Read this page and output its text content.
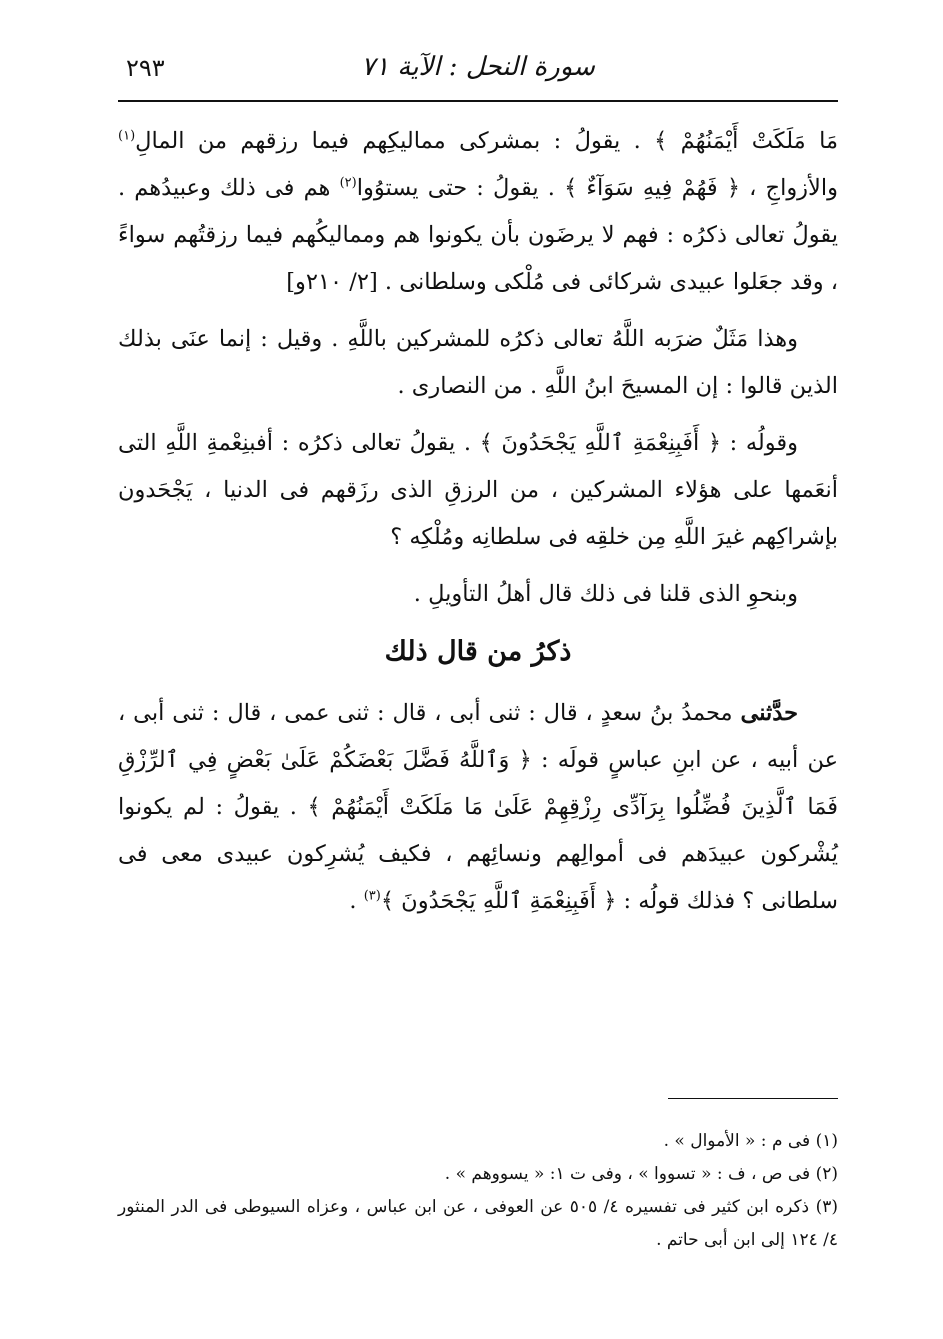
سورة النحل : الآية ٧١
٢٩٣

مَا مَلَكَتْ أَيْمَنُهُمْ ﴾ . يقولُ : بمشركى مماليكِهم فيما رزقهم من المالِ$^{(١)}$ والأزواجِ ، ﴿ فَهُمْ فِيهِ سَوَآءٌ ﴾ . يقولُ : حتى يستوُوا$^{(٢)}$ هم فى ذلك وعبيدُهم . يقولُ تعالى ذكرُه : فهم لا يرضَون بأن يكونوا هم ومماليكُهم فيما رزقتُهم سواءً ، وقد جعَلوا عبيدى شركائى فى مُلْكى وسلطانى . [٢/ ٢١٠و]

وهذا مَثَلٌ ضرَبه اللَّهُ تعالى ذكرُه للمشركين باللَّهِ . وقيل : إنما عنَى بذلك الذين قالوا : إن المسيحَ ابنُ اللَّهِ . من النصارى .

وقولُه : ﴿ أَفَبِنِعْمَةِ ٱللَّهِ يَجْحَدُونَ ﴾ . يقولُ تعالى ذكرُه : أفبنِعْمةِ اللَّهِ التى أنعَمها على هؤلاء المشركين ، من الرزقِ الذى رزَقهم فى الدنيا ، يَجْحَدون بإشراكِهم غيرَ اللَّهِ مِن خلقِه فى سلطانِه ومُلْكِه ؟

وبنحوِ الذى قلنا فى ذلك قال أهلُ التأويلِ .

ذكرُ من قال ذلك

حدَّثنى محمدُ بنُ سعدٍ ، قال : ثنى أبى ، قال : ثنى عمى ، قال : ثنى أبى ، عن أبيه ، عن ابنِ عباسٍ قولَه : ﴿ وَٱللَّهُ فَضَّلَ بَعْضَكُمْ عَلَىٰ بَعْضٍ فِي ٱلرِّزْقِ فَمَا ٱلَّذِينَ فُضِّلُوا بِرَآدِّى رِزْقِهِمْ عَلَىٰ مَا مَلَكَتْ أَيْمَنُهُمْ ﴾ . يقولُ : لم يكونوا يُشْركون عبيدَهم فى أموالِهم ونسائِهم ، فكيف يُشرِكون عبيدى معى فى سلطانى ؟ فذلك قولُه : ﴿ أَفَبِنِعْمَةِ ٱللَّهِ يَجْحَدُونَ ﴾$^{(٣)}$ .

(١) فى م : « الأموال » .

(٢) فى ص ، ف : « تسووا » ، وفى ت ١: « يسووهم » .

(٣) ذكره ابن كثير فى تفسيره ٤/ ٥٠٥ عن العوفى ، عن ابن عباس ، وعزاه السيوطى فى الدر المنثور ٤/ ١٢٤ إلى ابن أبى حاتم .
